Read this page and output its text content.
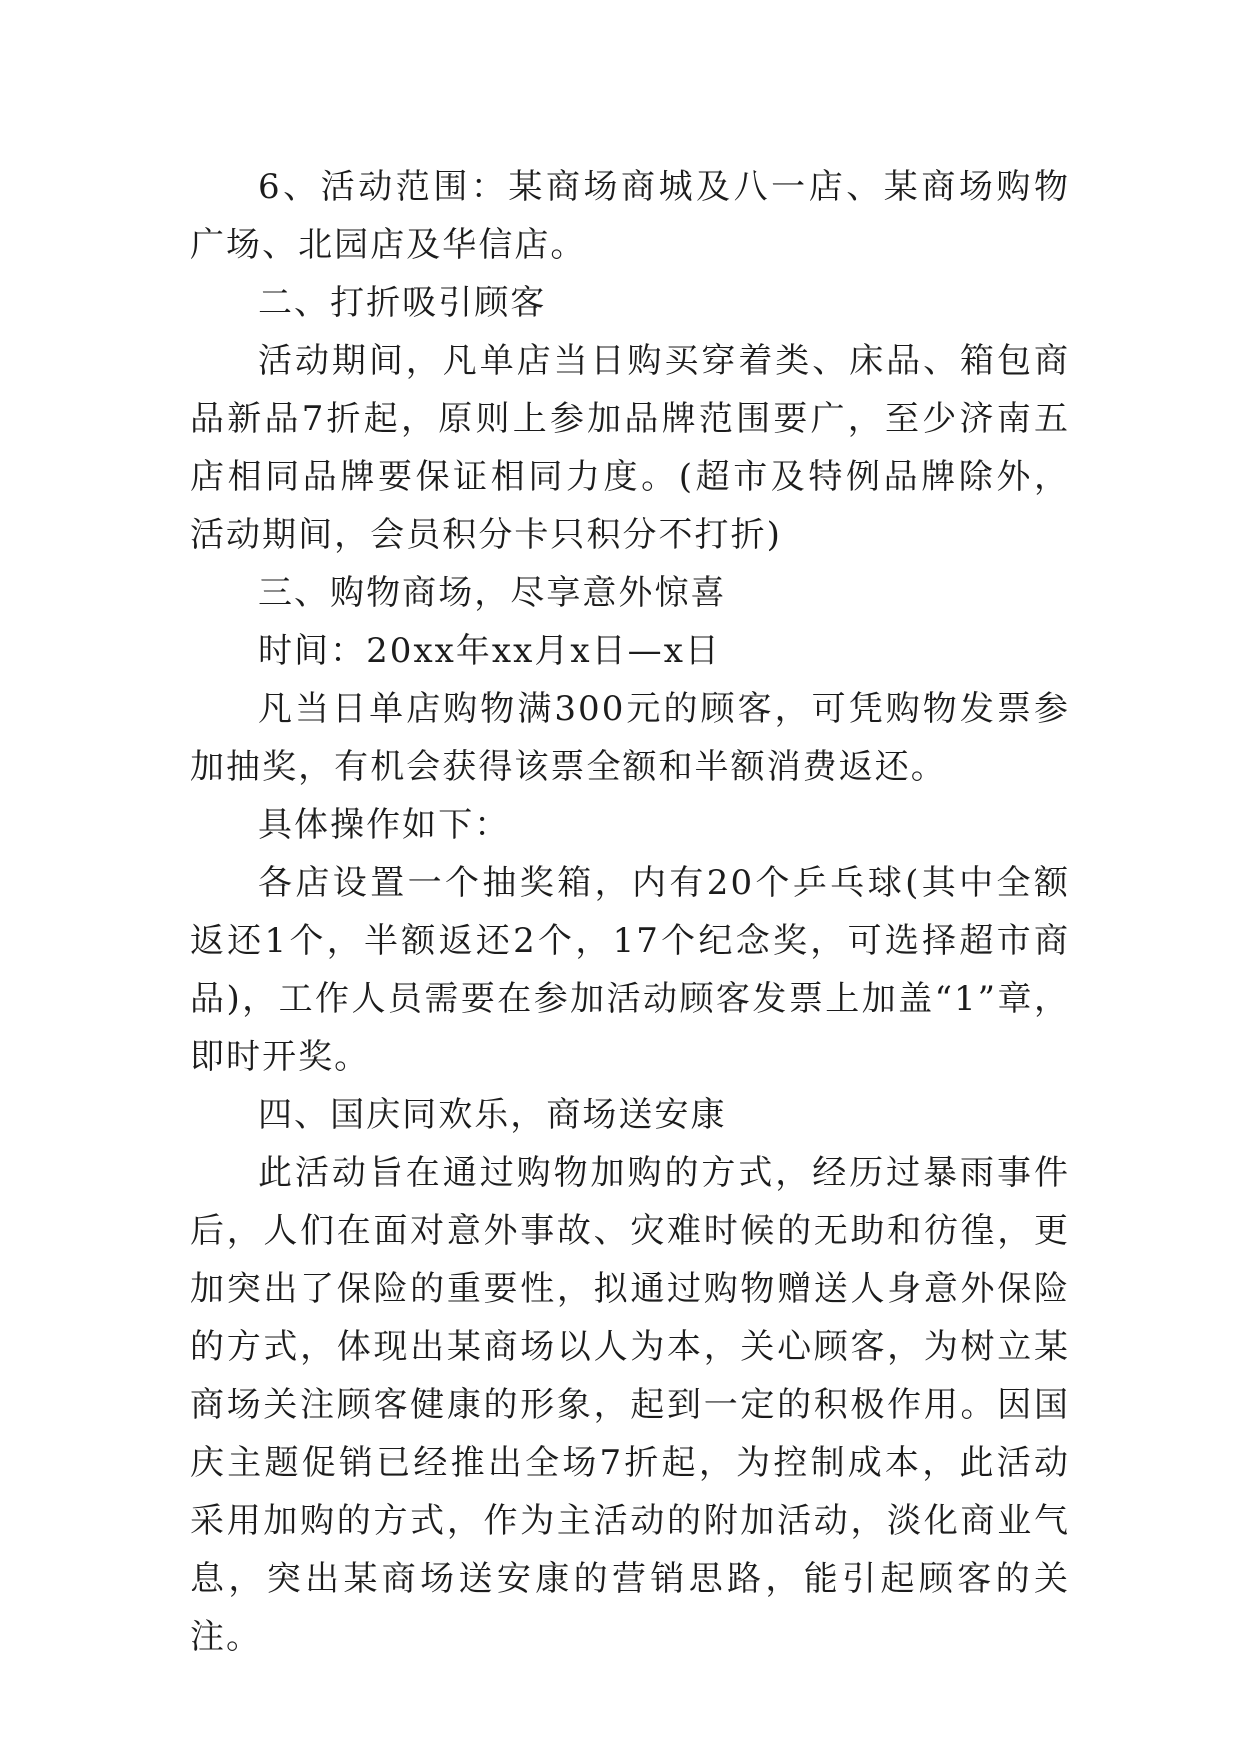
6、活动范围：某商场商城及八一店、某商场购物广场、北园店及华信店。

二、打折吸引顾客

活动期间，凡单店当日购买穿着类、床品、箱包商品新品7折起，原则上参加品牌范围要广，至少济南五店相同品牌要保证相同力度。(超市及特例品牌除外，活动期间，会员积分卡只积分不打折)

三、购物商场，尽享意外惊喜

时间：20xx年xx月x日—x日

凡当日单店购物满300元的顾客，可凭购物发票参加抽奖，有机会获得该票全额和半额消费返还。

具体操作如下：

各店设置一个抽奖箱，内有20个乒乓球(其中全额返还1个，半额返还2个，17个纪念奖，可选择超市商品)，工作人员需要在参加活动顾客发票上加盖“1”章，即时开奖。

四、国庆同欢乐，商场送安康

此活动旨在通过购物加购的方式，经历过暴雨事件后，人们在面对意外事故、灾难时候的无助和彷徨，更加突出了保险的重要性，拟通过购物赠送人身意外保险的方式，体现出某商场以人为本，关心顾客，为树立某商场关注顾客健康的形象，起到一定的积极作用。因国庆主题促销已经推出全场7折起，为控制成本，此活动采用加购的方式，作为主活动的附加活动，淡化商业气息，突出某商场送安康的营销思路，能引起顾客的关注。
